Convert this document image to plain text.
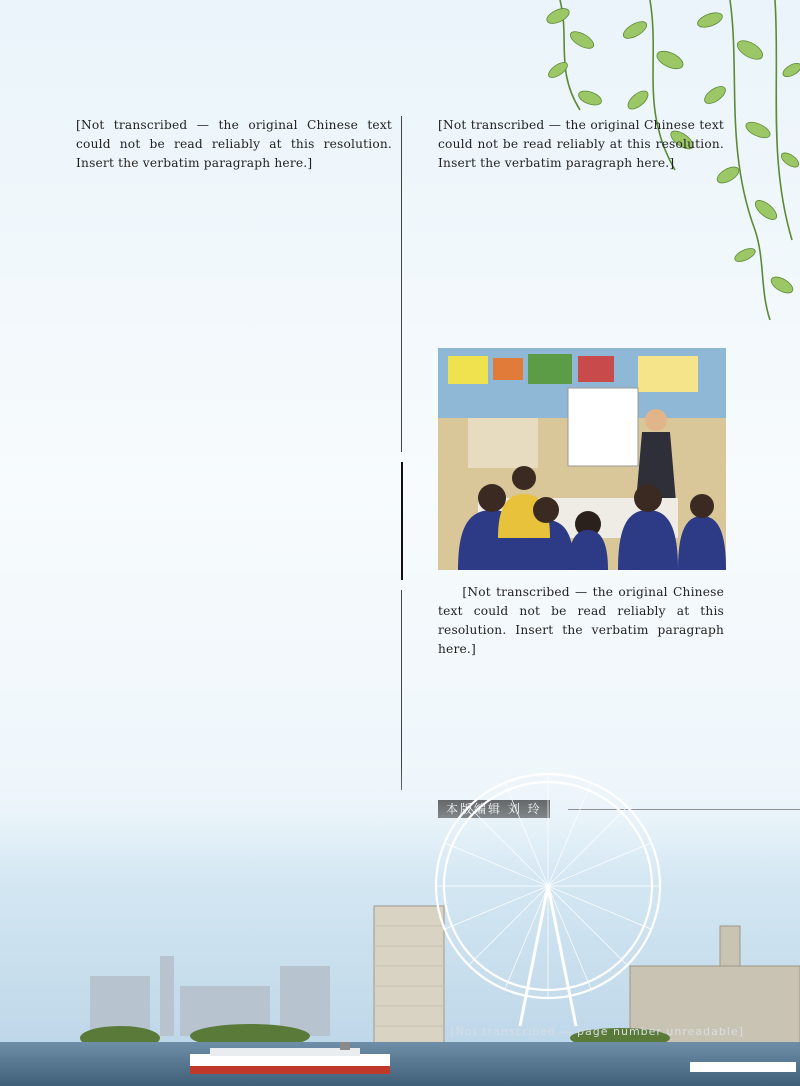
[Not transcribed — the original Chinese text could not be read reliably at this resolution. Insert the verbatim paragraph here.]

[Not transcribed — the original Chinese text could not be read reliably at this resolution. Insert the verbatim paragraph here.]

[Not transcribed — the original Chinese text could not be read reliably at this resolution. Insert the verbatim paragraph here.]

[Not transcribed — page number unreadable]
